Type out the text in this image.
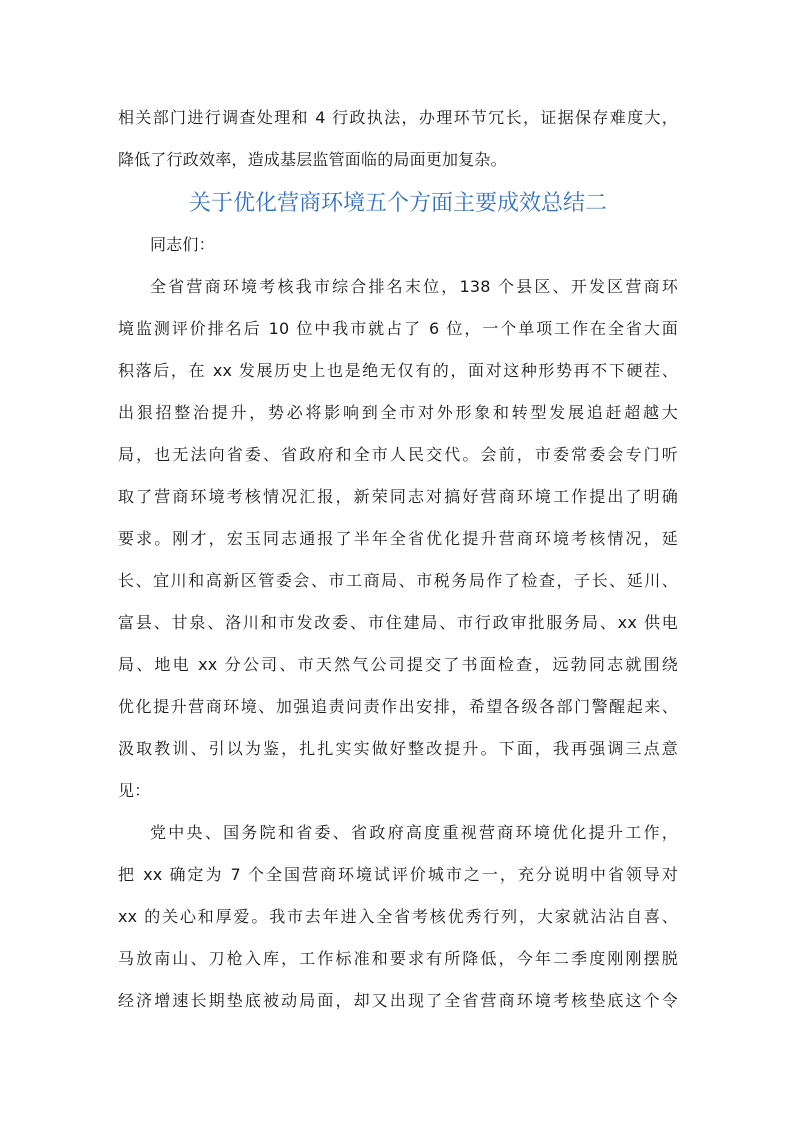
相关部门进行调查处理和 4 行政执法，办理环节冗长，证据保存难度大，
降低了行政效率，造成基层监管面临的局面更加复杂。
关于优化营商环境五个方面主要成效总结二
同志们：
全省营商环境考核我市综合排名末位，138 个县区、开发区营商环
境监测评价排名后 10 位中我市就占了 6 位，一个单项工作在全省大面
积落后，在 xx 发展历史上也是绝无仅有的，面对这种形势再不下硬茬、
出狠招整治提升，势必将影响到全市对外形象和转型发展追赶超越大
局，也无法向省委、省政府和全市人民交代。会前，市委常委会专门听
取了营商环境考核情况汇报，新荣同志对搞好营商环境工作提出了明确
要求。刚才，宏玉同志通报了半年全省优化提升营商环境考核情况，延
长、宜川和高新区管委会、市工商局、市税务局作了检查，子长、延川、
富县、甘泉、洛川和市发改委、市住建局、市行政审批服务局、xx 供电
局、地电 xx 分公司、市天然气公司提交了书面检查，远勃同志就围绕
优化提升营商环境、加强追责问责作出安排，希望各级各部门警醒起来、
汲取教训、引以为鉴，扎扎实实做好整改提升。下面，我再强调三点意
见：
党中央、国务院和省委、省政府高度重视营商环境优化提升工作，
把 xx 确定为 7 个全国营商环境试评价城市之一，充分说明中省领导对
xx 的关心和厚爱。我市去年进入全省考核优秀行列，大家就沾沾自喜、
马放南山、刀枪入库，工作标准和要求有所降低，今年二季度刚刚摆脱
经济增速长期垫底被动局面，却又出现了全省营商环境考核垫底这个令
